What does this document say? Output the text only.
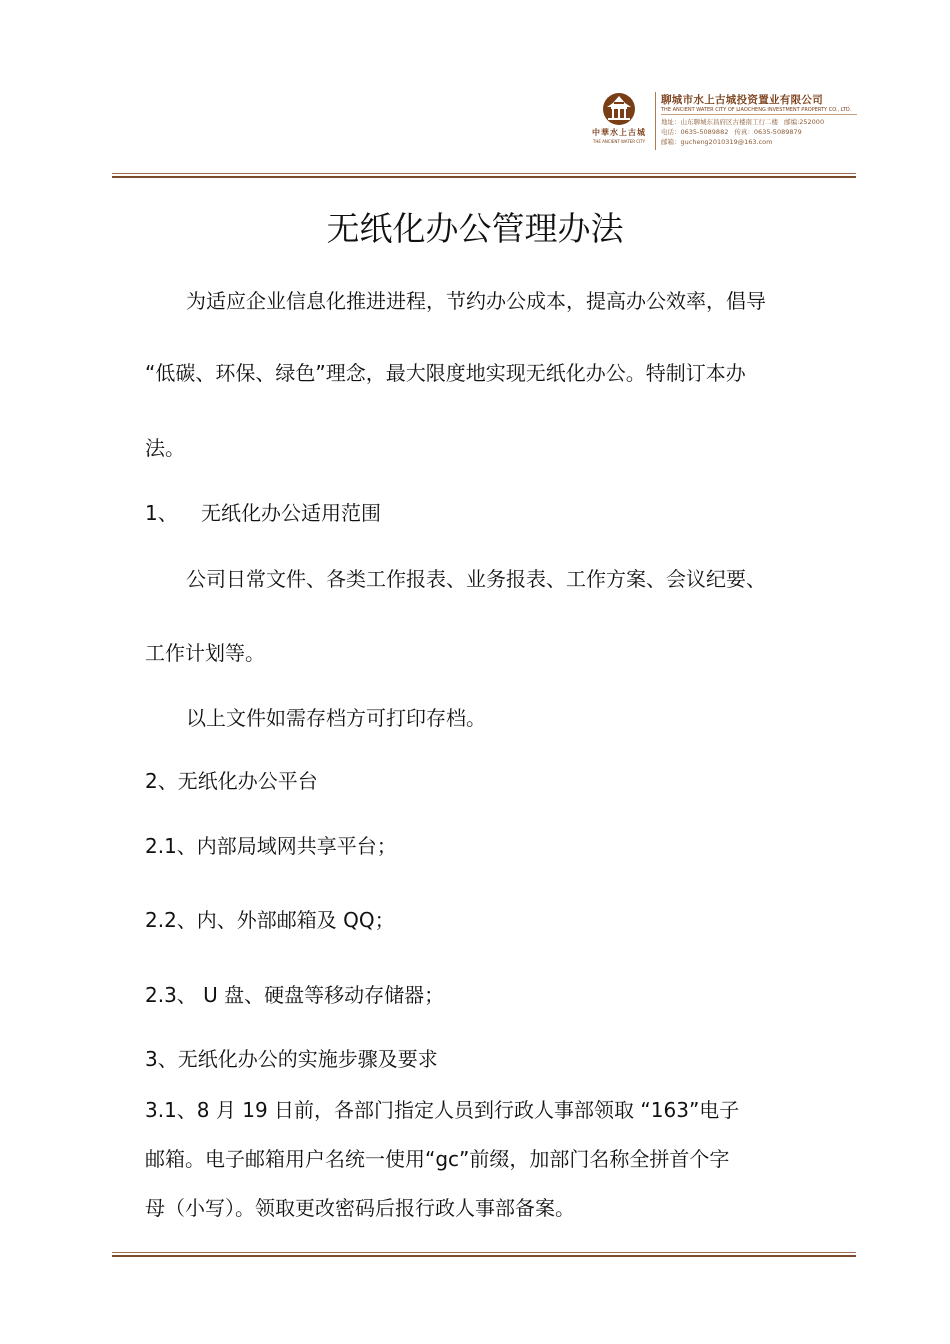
中華水上古城
THE ANCIENT WATER CITY
聊城市水上古城投资置业有限公司
THE ANCIENT WATER CITY OF LIAOCHENG INVESTMENT PROPERTY CO., LTD.
地址：山东聊城东昌府区古楼南工行二楼 邮编:252000
电话：0635-5089882 传真：0635-5089879
邮箱：gucheng2010319@163.com
无纸化办公管理办法
为适应企业信息化推进进程，节约办公成本，提高办公效率，倡导
“低碳、环保、绿色”理念，最大限度地实现无纸化办公。特制订本办
法。
1、 无纸化办公适用范围
公司日常文件、各类工作报表、业务报表、工作方案、会议纪要、
工作计划等。
以上文件如需存档方可打印存档。
2、无纸化办公平台
2.1、内部局域网共享平台；
2.2、内、外部邮箱及 QQ；
2.3、 U 盘、硬盘等移动存储器；
3、无纸化办公的实施步骤及要求
3.1、8 月 19 日前，各部门指定人员到行政人事部领取 “163”电子
邮箱。电子邮箱用户名统一使用“gc”前缀，加部门名称全拼首个字
母（小写）。领取更改密码后报行政人事部备案。
